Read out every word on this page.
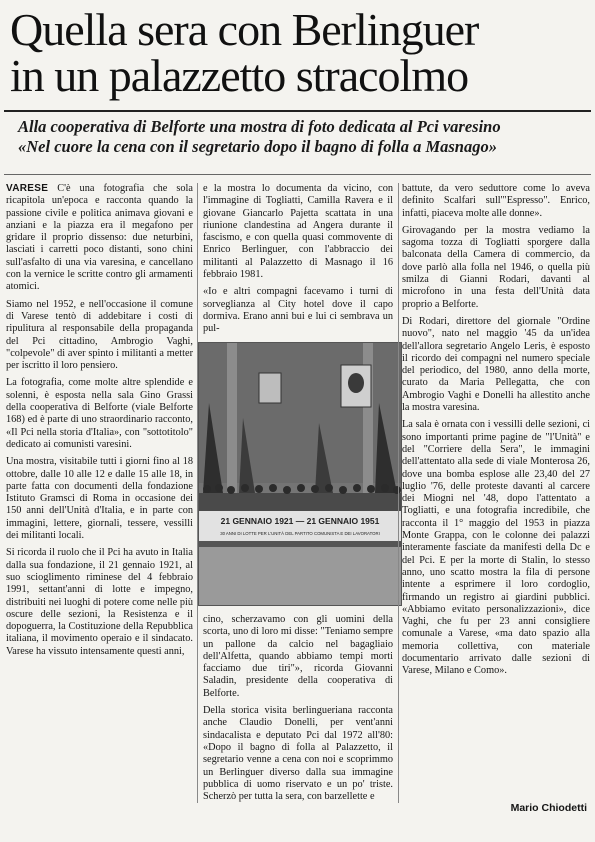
Quella sera con Berlinguer
in un palazzetto stracolmo
Alla cooperativa di Belforte una mostra di foto dedicata al Pci varesino
«Nel cuore la cena con il segretario dopo il bagno di folla a Masnago»

VARESE C'è una fotografia che sola ricapitola un'epoca e racconta quando la passione civile e politica animava giovani e anziani e la piazza era il megafono per gridare il proprio dissenso: due neturbini, lasciati i carretti poco distanti, sono chini sull'asfalto di una via varesina, e cancellano con la vernice le scritte contro gli armamenti atomici.

Siamo nel 1952, e nell'occasione il comune di Varese tentò di addebitare i costi di ripulitura al responsabile della propaganda del Pci cittadino, Ambrogio Vaghi, "colpevole" di aver spinto i militanti a metter per iscritto il loro pensiero.

La fotografia, come molte altre splendide e solenni, è esposta nella sala Gino Grassi della cooperativa di Belforte (viale Belforte 168) ed è parte di uno straordinario racconto, «Il Pci nella storia d'Italia», con "sottotitolo" dedicato ai comunisti varesini.

Una mostra, visitabile tutti i giorni fino al 18 ottobre, dalle 10 alle 12 e dalle 15 alle 18, in parte fatta con documenti della fondazione Istituto Gramsci di Roma in occasione dei 150 anni dell'Unità d'Italia, e in parte con immagini, lettere, giornali, tessere, vessilli dei militanti locali.

Si ricorda il ruolo che il Pci ha avuto in Italia dalla sua fondazione, il 21 gennaio 1921, al suo scioglimento riminese del 4 febbraio 1991, settant'anni di lotte e impegno, distribuiti nei luoghi di potere come nelle più oscure delle sezioni, la Resistenza e il dopoguerra, la Costituzione della Repubblica italiana, il movimento operaio e il sindacato. Varese ha vissuto intensamente questi anni,

e la mostra lo documenta da vicino, con l'immagine di Togliatti, Camilla Ravera e il giovane Giancarlo Pajetta scattata in una riunione clandestina ad Angera durante il fascismo, e con quella quasi commovente di Enrico Berlinguer, con l'abbraccio dei militanti al Palazzetto di Masnago il 16 febbraio 1981.

«Io e altri compagni facevamo i turni di sorveglianza al City hotel dove il capo dormiva. Erano anni bui e lui ci sembrava un pul-

21 GENNAIO 1921 — 21 GENNAIO 1951
30 ANNI DI LOTTE PER L'UNITÀ DEL PARTITO COMUNISTA E DEI LAVORATORI

cino, scherzavamo con gli uomini della scorta, uno di loro mi disse: "Teniamo sempre un pallone da calcio nel bagagliaio dell'Alfetta, quando abbiamo tempi morti facciamo due tiri"», ricorda Giovanni Saladin, presidente della cooperativa di Belforte.

Della storica visita berlingueriana racconta anche Claudio Donelli, per vent'anni sindacalista e deputato Pci dal 1972 all'80: «Dopo il bagno di folla al Palazzetto, il segretario venne a cena con noi e scoprimmo un Berlinguer diverso dalla sua immagine pubblica di uomo riservato e un po' triste. Scherzò per tutta la sera, con barzellette e

battute, da vero seduttore come lo aveva definito Scalfari sull'"Espresso". Enrico, infatti, piaceva molte alle donne».

Girovagando per la mostra vediamo la sagoma tozza di Togliatti sporgere dalla balconata della Camera di commercio, da dove parlò alla folla nel 1946, o quella più smilza di Gianni Rodari, davanti al microfono in una festa dell'Unità data proprio a Belforte.

Di Rodari, direttore del giornale "Ordine nuovo", nato nel maggio '45 da un'idea dell'allora segretario Angelo Leris, è esposto il ricordo dei compagni nel numero speciale del periodico, del 1980, anno della morte, curato da Maria Pellegatta, che con Ambrogio Vaghi e Donelli ha allestito anche la mostra varesina.

La sala è ornata con i vessilli delle sezioni, ci sono importanti prime pagine de "l'Unità" e del "Corriere della Sera", le immagini dell'attentato alla sede di viale Monterosa 26, dove una bomba esplose alle 23,40 del 27 luglio '76, delle proteste davanti al carcere dei Miogni nel '48, dopo l'attentato a Togliatti, e una fotografia incredibile, che racconta il 1° maggio del 1953 in piazza Monte Grappa, con le colonne dei palazzi interamente fasciate da manifesti della Dc e del Pci. E per la morte di Stalin, lo stesso anno, uno scatto mostra la fila di persone intente a esprimere il loro cordoglio, firmando un registro ai giardini pubblici. «Abbiamo evitato personalizzazioni», dice Vaghi, che fu per 23 anni consigliere comunale a Varese, «ma dato spazio alla memoria collettiva, con materiale documentario arrivato dalle sezioni di Varese, Milano e Como».

Mario Chiodetti
